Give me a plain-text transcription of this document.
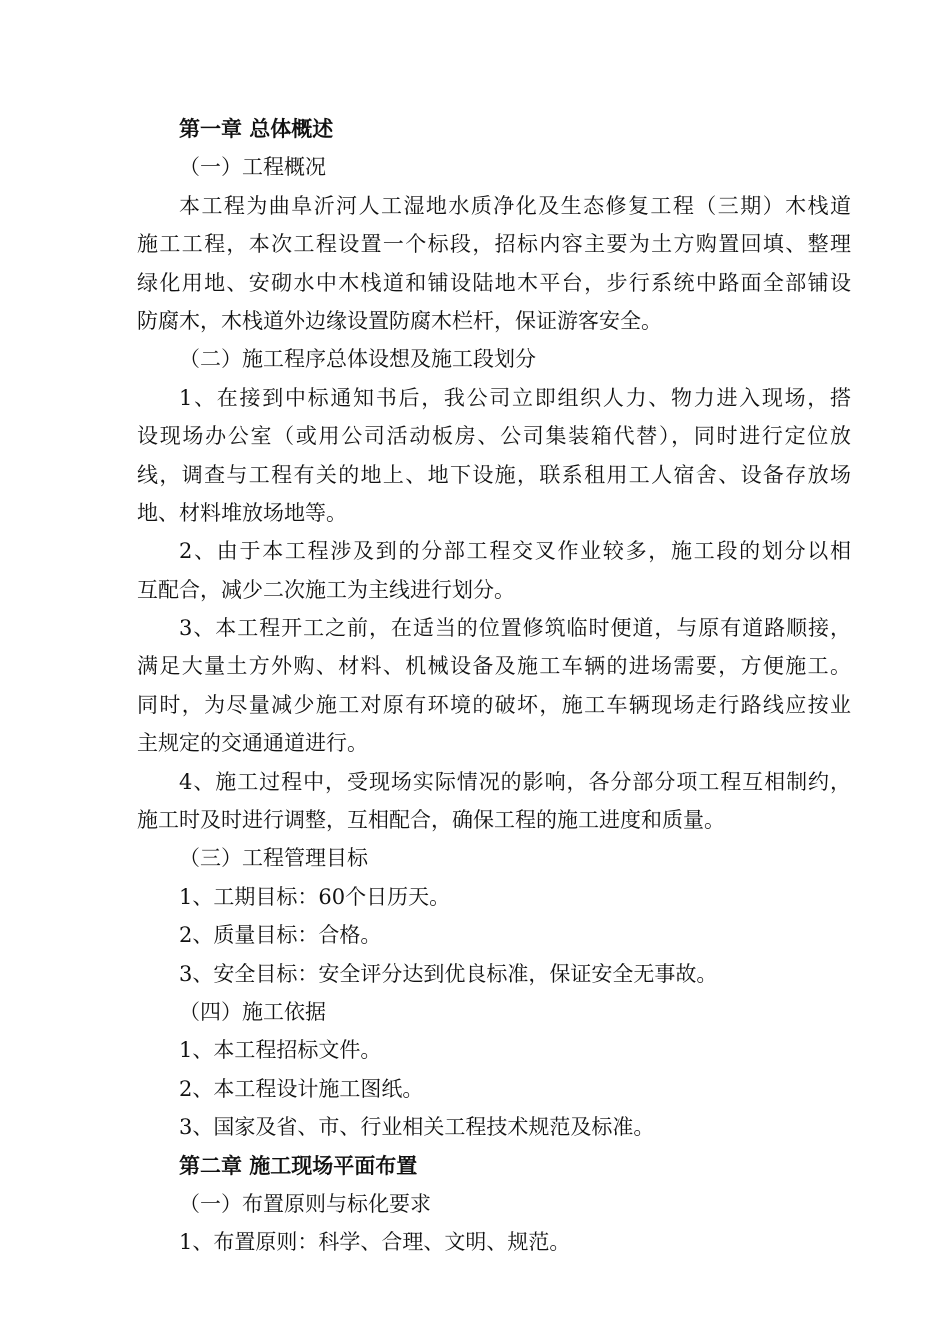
第一章 总体概述
（一）工程概况
本工程为曲阜沂河人工湿地水质净化及生态修复工程（三期）木栈道
施工工程，本次工程设置一个标段，招标内容主要为土方购置回填、整理
绿化用地、安砌水中木栈道和铺设陆地木平台，步行系统中路面全部铺设
防腐木，木栈道外边缘设置防腐木栏杆，保证游客安全。
（二）施工程序总体设想及施工段划分
1、在接到中标通知书后，我公司立即组织人力、物力进入现场，搭
设现场办公室（或用公司活动板房、公司集装箱代替），同时进行定位放
线，调查与工程有关的地上、地下设施，联系租用工人宿舍、设备存放场
地、材料堆放场地等。
2、由于本工程涉及到的分部工程交叉作业较多，施工段的划分以相
互配合，减少二次施工为主线进行划分。
3、本工程开工之前，在适当的位置修筑临时便道，与原有道路顺接，
满足大量土方外购、材料、机械设备及施工车辆的进场需要，方便施工。
同时，为尽量减少施工对原有环境的破坏，施工车辆现场走行路线应按业
主规定的交通通道进行。
4、施工过程中，受现场实际情况的影响，各分部分项工程互相制约，
施工时及时进行调整，互相配合，确保工程的施工进度和质量。
（三）工程管理目标
1、工期目标：60个日历天。
2、质量目标：合格。
3、安全目标：安全评分达到优良标准，保证安全无事故。
（四）施工依据
1、本工程招标文件。
2、本工程设计施工图纸。
3、国家及省、市、行业相关工程技术规范及标准。
第二章 施工现场平面布置
（一）布置原则与标化要求
1、布置原则：科学、合理、文明、规范。
